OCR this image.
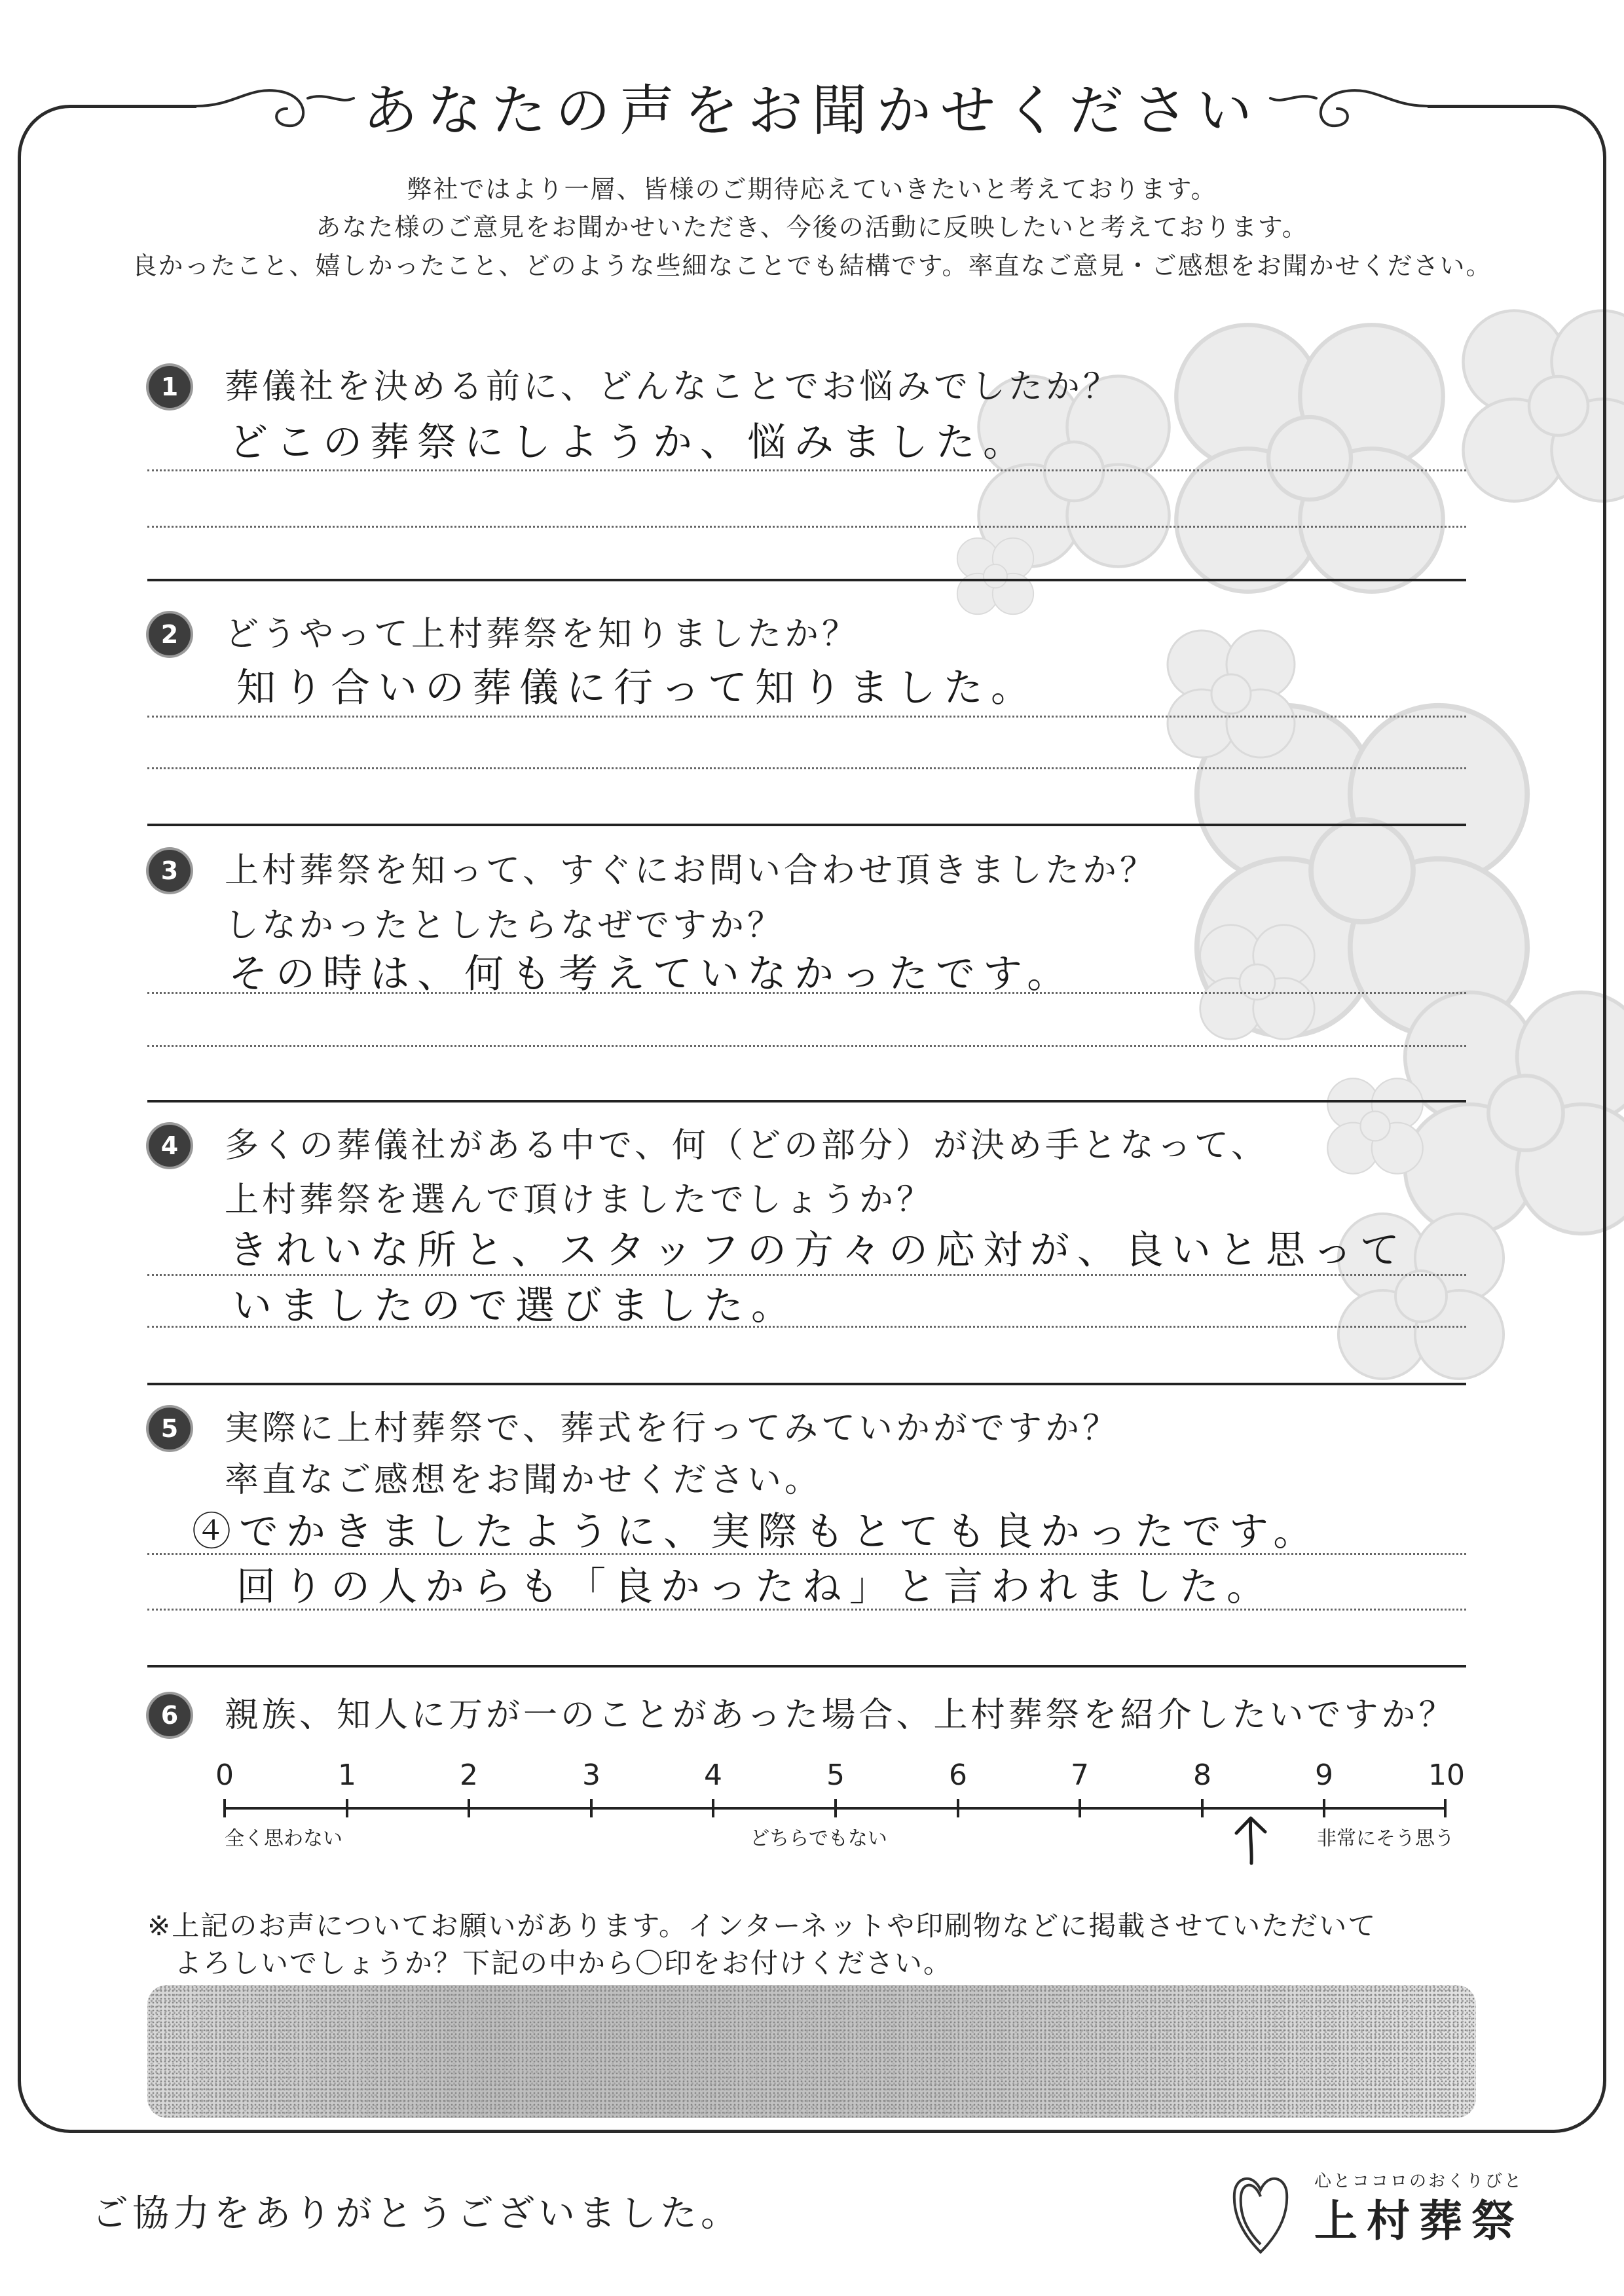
あなたの声をお聞かせください
弊社ではより一層、皆様のご期待応えていきたいと考えております。
あなた様のご意見をお聞かせいただき、今後の活動に反映したいと考えております。
良かったこと、嬉しかったこと、どのような些細なことでも結構です。率直なご意見・ご感想をお聞かせください。
1	葬儀社を決める前に、どんなことでお悩みでしたか？
どこの葬祭にしようか、悩みました。
2	どうやって上村葬祭を知りましたか？
知り合いの葬儀に行って知りました。
3	上村葬祭を知って、すぐにお問い合わせ頂きましたか？
しなかったとしたらなぜですか？
その時は、何も考えていなかったです。
4	多くの葬儀社がある中で、何（どの部分）が決め手となって、
上村葬祭を選んで頂けましたでしょうか？
きれいな所と、スタッフの方々の応対が、良いと思って
いましたので選びました。
5	実際に上村葬祭で、葬式を行ってみていかがですか？
率直なご感想をお聞かせください。
④でかきましたように、実際もとても良かったです。
回りの人からも「良かったね」と言われました。
6	親族、知人に万が一のことがあった場合、上村葬祭を紹介したいですか？
0	1	2	3	4	5	6	7	8	9	10
全く思わない	どちらでもない	非常にそう思う
※上記のお声についてお願いがあります。インターネットや印刷物などに掲載させていただいて
よろしいでしょうか？下記の中から〇印をお付けください。
ご協力をありがとうございました。
心とココロのおくりびと
上村葬祭
